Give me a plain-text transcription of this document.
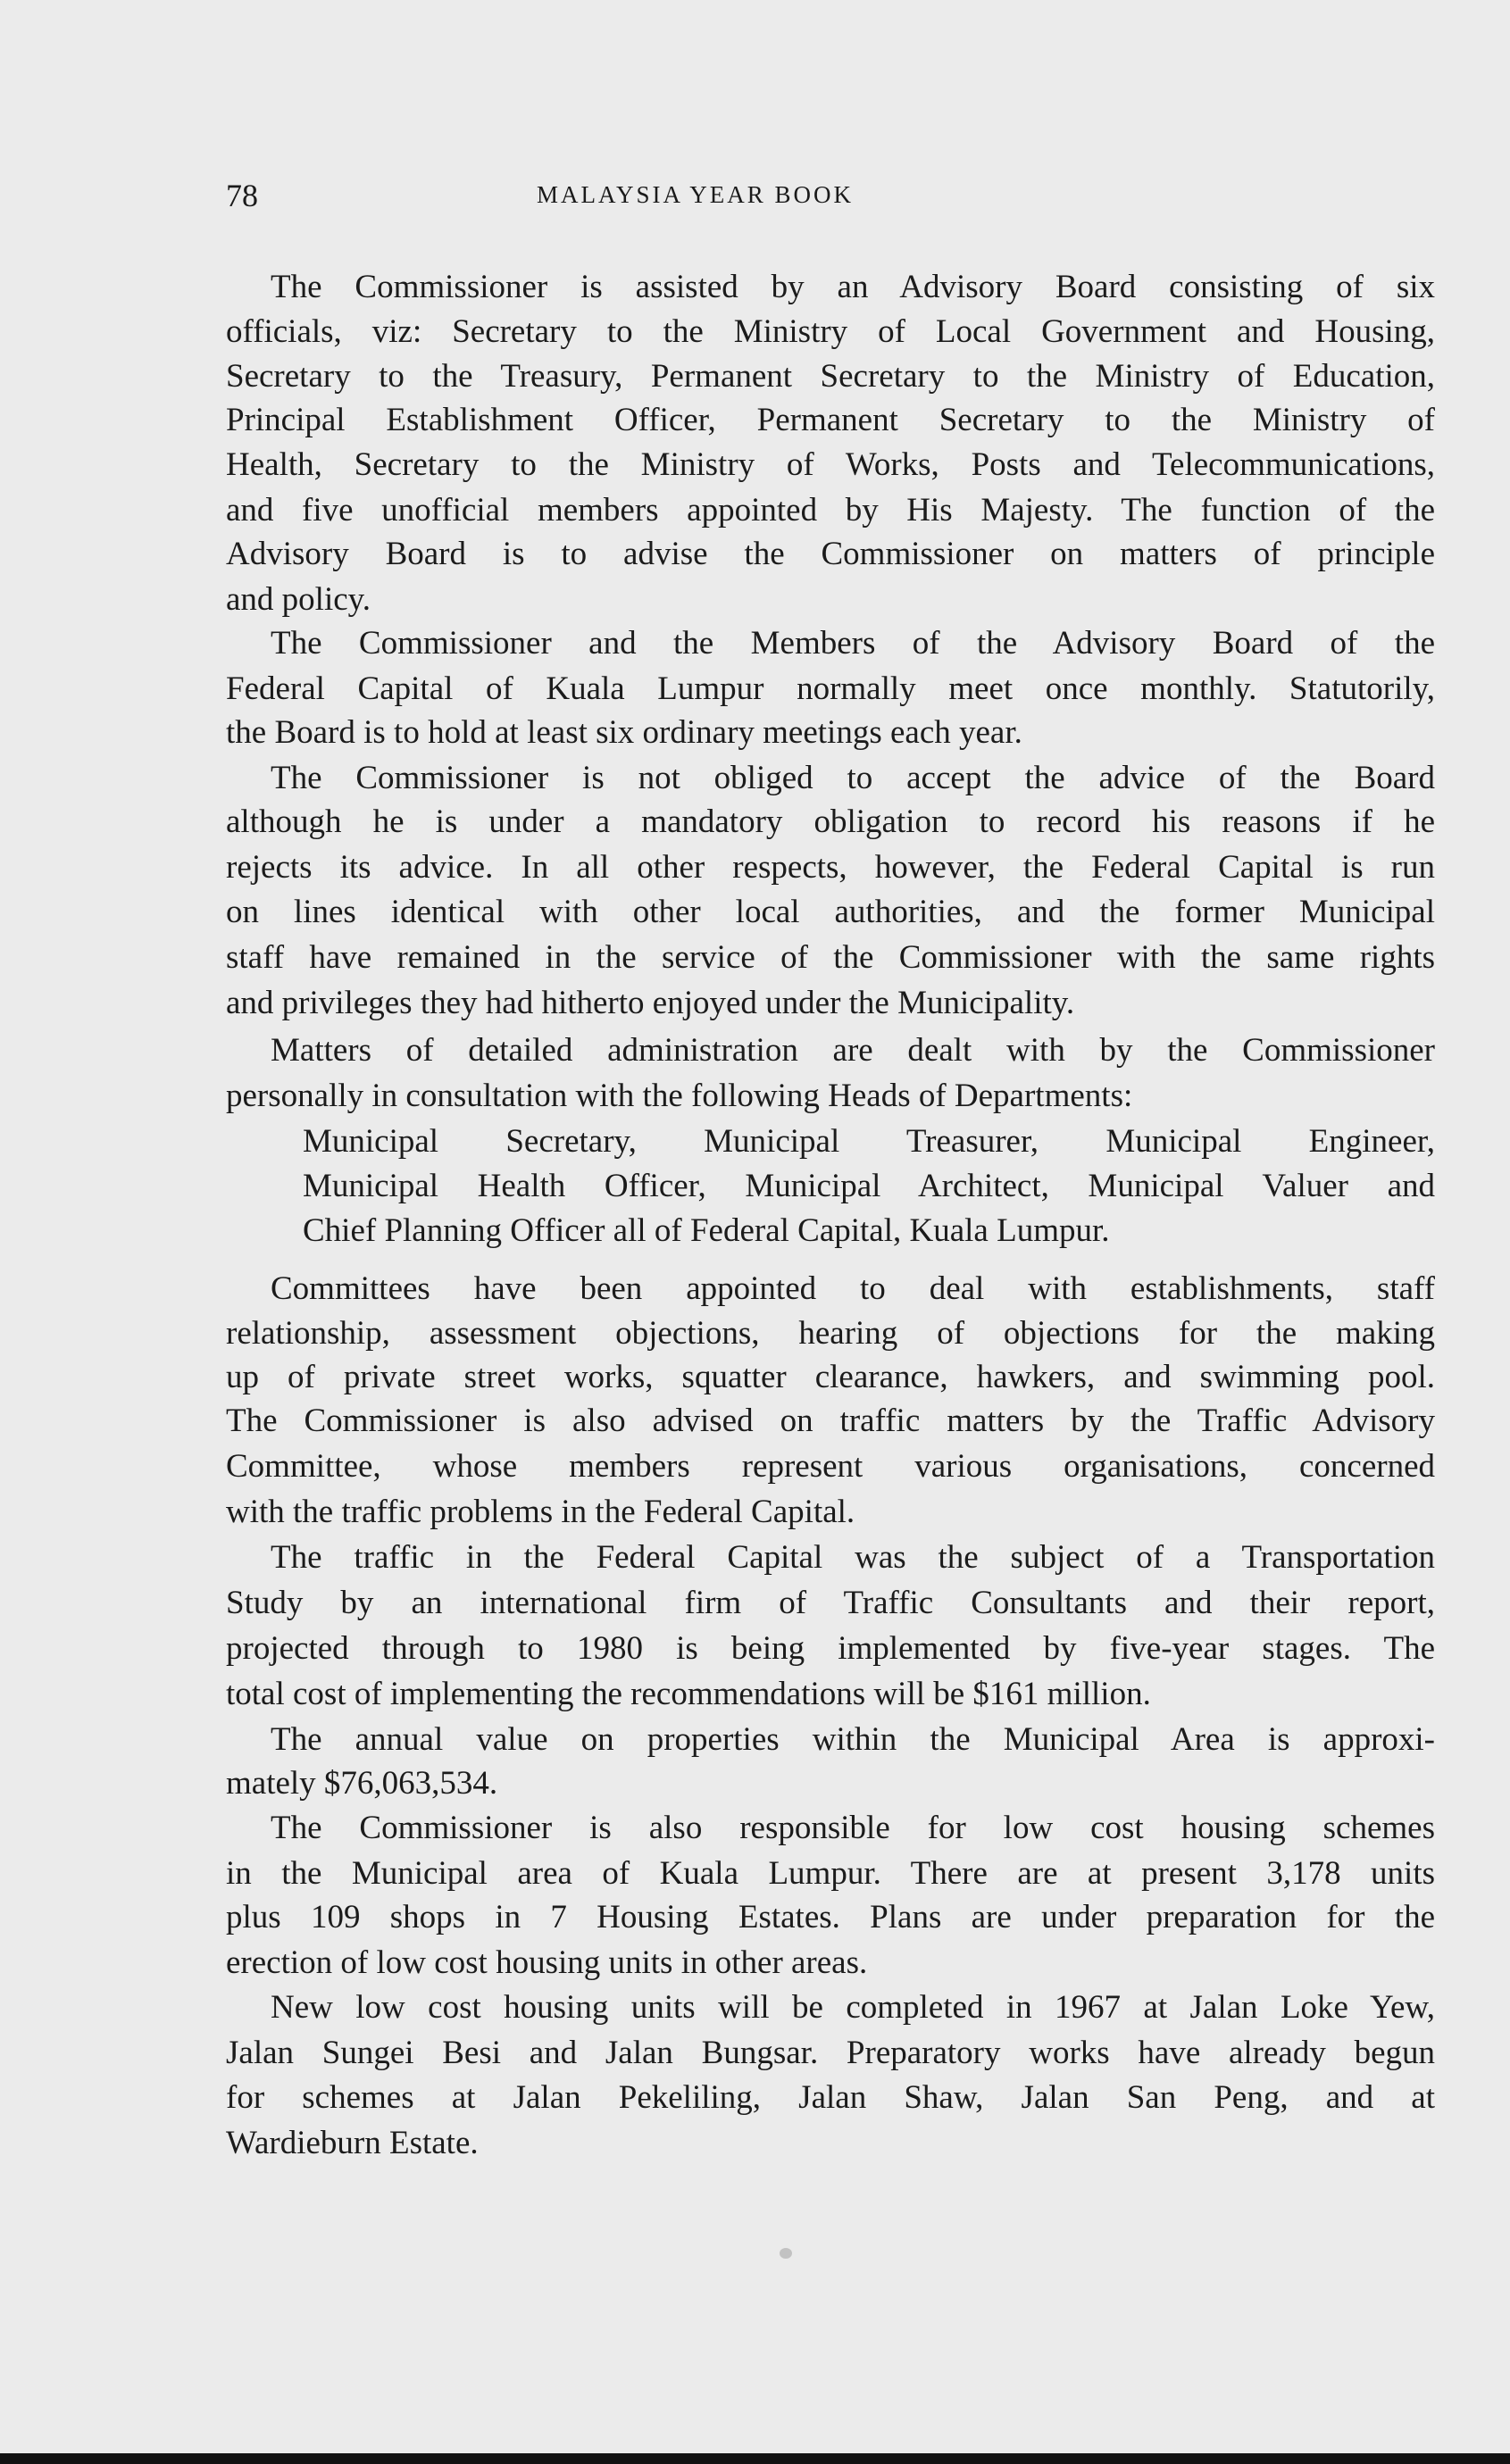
78	MALAYSIA YEAR BOOK
The Commissioner is assisted by an Advisory Board consisting of six
officials, viz: Secretary to the Ministry of Local Government and Housing,
Secretary to the Treasury, Permanent Secretary to the Ministry of Education,
Principal Establishment Officer, Permanent Secretary to the Ministry of
Health, Secretary to the Ministry of Works, Posts and Telecommunications,
and five unofficial members appointed by His Majesty. The function of the
Advisory Board is to advise the Commissioner on matters of principle
and policy.
The Commissioner and the Members of the Advisory Board of the
Federal Capital of Kuala Lumpur normally meet once monthly. Statutorily,
the Board is to hold at least six ordinary meetings each year.
The Commissioner is not obliged to accept the advice of the Board
although he is under a mandatory obligation to record his reasons if he
rejects its advice. In all other respects, however, the Federal Capital is run
on lines identical with other local authorities, and the former Municipal
staff have remained in the service of the Commissioner with the same rights
and privileges they had hitherto enjoyed under the Municipality.
Matters of detailed administration are dealt with by the Commissioner
personally in consultation with the following Heads of Departments:
Municipal Secretary, Municipal Treasurer, Municipal Engineer,
Municipal Health Officer, Municipal Architect, Municipal Valuer and
Chief Planning Officer all of Federal Capital, Kuala Lumpur.
Committees have been appointed to deal with establishments, staff
relationship, assessment objections, hearing of objections for the making
up of private street works, squatter clearance, hawkers, and swimming pool.
The Commissioner is also advised on traffic matters by the Traffic Advisory
Committee, whose members represent various organisations, concerned
with the traffic problems in the Federal Capital.
The traffic in the Federal Capital was the subject of a Transportation
Study by an international firm of Traffic Consultants and their report,
projected through to 1980 is being implemented by five-year stages. The
total cost of implementing the recommendations will be $161 million.
The annual value on properties within the Municipal Area is approxi-
mately $76,063,534.
The Commissioner is also responsible for low cost housing schemes
in the Municipal area of Kuala Lumpur. There are at present 3,178 units
plus 109 shops in 7 Housing Estates. Plans are under preparation for the
erection of low cost housing units in other areas.
New low cost housing units will be completed in 1967 at Jalan Loke Yew,
Jalan Sungei Besi and Jalan Bungsar. Preparatory works have already begun
for schemes at Jalan Pekeliling, Jalan Shaw, Jalan San Peng, and at
Wardieburn Estate.
